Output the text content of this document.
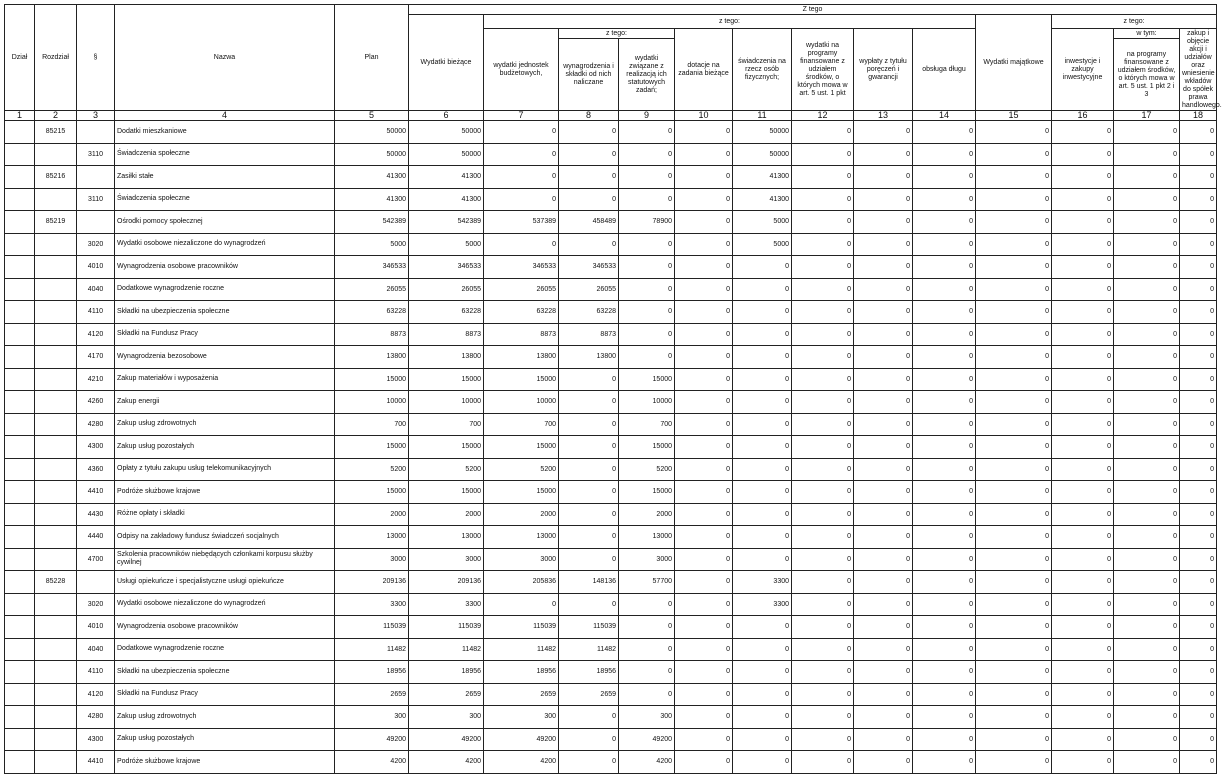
Dział	Rozdział	§	Nazwa	Plan	Z tego												
					Wydatki bieżące	z tego:								Wydatki majątkowe	z tego:		
						wydatki jednostek budżetowych,	z tego:		dotacje na zadania bieżące	świadczenia na rzecz osób fizycznych;	wydatki na programy finansowane z udziałem środków, o których mowa w art. 5 ust. 1 pkt	wypłaty z tytułu poręczeń i gwarancji	obsługa długu		inwestycje i zakupy inwestycyjne	w tym:	zakup i objęcie akcji i udziałów oraz wniesienie wkładów do spółek prawa handlowego.
							wynagrodzenia i składki od nich naliczane	wydatki związane z realizacją ich statutowych zadań;								na programy finansowane z udziałem środków, o których mowa w art. 5 ust. 1 pkt 2 i 3	
1	2	3	4	5	6	7	8	9	10	11	12	13	14	15	16	17	18
	85215		Dodatki mieszkaniowe	50000	50000	0	0	0	0	50000	0	0	0	0	0	0	0
		3110	Świadczenia społeczne	50000	50000	0	0	0	0	50000	0	0	0	0	0	0	0
	85216		Zasiłki stałe	41300	41300	0	0	0	0	41300	0	0	0	0	0	0	0
		3110	Świadczenia społeczne	41300	41300	0	0	0	0	41300	0	0	0	0	0	0	0
	85219		Ośrodki pomocy społecznej	542389	542389	537389	458489	78900	0	5000	0	0	0	0	0	0	0
		3020	Wydatki osobowe niezaliczone do wynagrodzeń	5000	5000	0	0	0	0	5000	0	0	0	0	0	0	0
		4010	Wynagrodzenia osobowe pracowników	346533	346533	346533	346533	0	0	0	0	0	0	0	0	0	0
		4040	Dodatkowe wynagrodzenie roczne	26055	26055	26055	26055	0	0	0	0	0	0	0	0	0	0
		4110	Składki na ubezpieczenia społeczne	63228	63228	63228	63228	0	0	0	0	0	0	0	0	0	0
		4120	Składki na Fundusz Pracy	8873	8873	8873	8873	0	0	0	0	0	0	0	0	0	0
		4170	Wynagrodzenia bezosobowe	13800	13800	13800	13800	0	0	0	0	0	0	0	0	0	0
		4210	Zakup materiałów i wyposażenia	15000	15000	15000	0	15000	0	0	0	0	0	0	0	0	0
		4260	Zakup energii	10000	10000	10000	0	10000	0	0	0	0	0	0	0	0	0
		4280	Zakup usług zdrowotnych	700	700	700	0	700	0	0	0	0	0	0	0	0	0
		4300	Zakup usług pozostałych	15000	15000	15000	0	15000	0	0	0	0	0	0	0	0	0
		4360	Opłaty z tytułu zakupu usług telekomunikacyjnych	5200	5200	5200	0	5200	0	0	0	0	0	0	0	0	0
		4410	Podróże służbowe krajowe	15000	15000	15000	0	15000	0	0	0	0	0	0	0	0	0
		4430	Różne opłaty i składki	2000	2000	2000	0	2000	0	0	0	0	0	0	0	0	0
		4440	Odpisy na zakładowy fundusz świadczeń socjalnych	13000	13000	13000	0	13000	0	0	0	0	0	0	0	0	0
		4700	Szkolenia pracowników niebędących członkami korpusu służby cywilnej	3000	3000	3000	0	3000	0	0	0	0	0	0	0	0	0
	85228		Usługi opiekuńcze i specjalistyczne usługi opiekuńcze	209136	209136	205836	148136	57700	0	3300	0	0	0	0	0	0	0
		3020	Wydatki osobowe niezaliczone do wynagrodzeń	3300	3300	0	0	0	0	3300	0	0	0	0	0	0	0
		4010	Wynagrodzenia osobowe pracowników	115039	115039	115039	115039	0	0	0	0	0	0	0	0	0	0
		4040	Dodatkowe wynagrodzenie roczne	11482	11482	11482	11482	0	0	0	0	0	0	0	0	0	0
		4110	Składki na ubezpieczenia społeczne	18956	18956	18956	18956	0	0	0	0	0	0	0	0	0	0
		4120	Składki na Fundusz Pracy	2659	2659	2659	2659	0	0	0	0	0	0	0	0	0	0
		4280	Zakup usług zdrowotnych	300	300	300	0	300	0	0	0	0	0	0	0	0	0
		4300	Zakup usług pozostałych	49200	49200	49200	0	49200	0	0	0	0	0	0	0	0	0
		4410	Podróże służbowe krajowe	4200	4200	4200	0	4200	0	0	0	0	0	0	0	0	0
